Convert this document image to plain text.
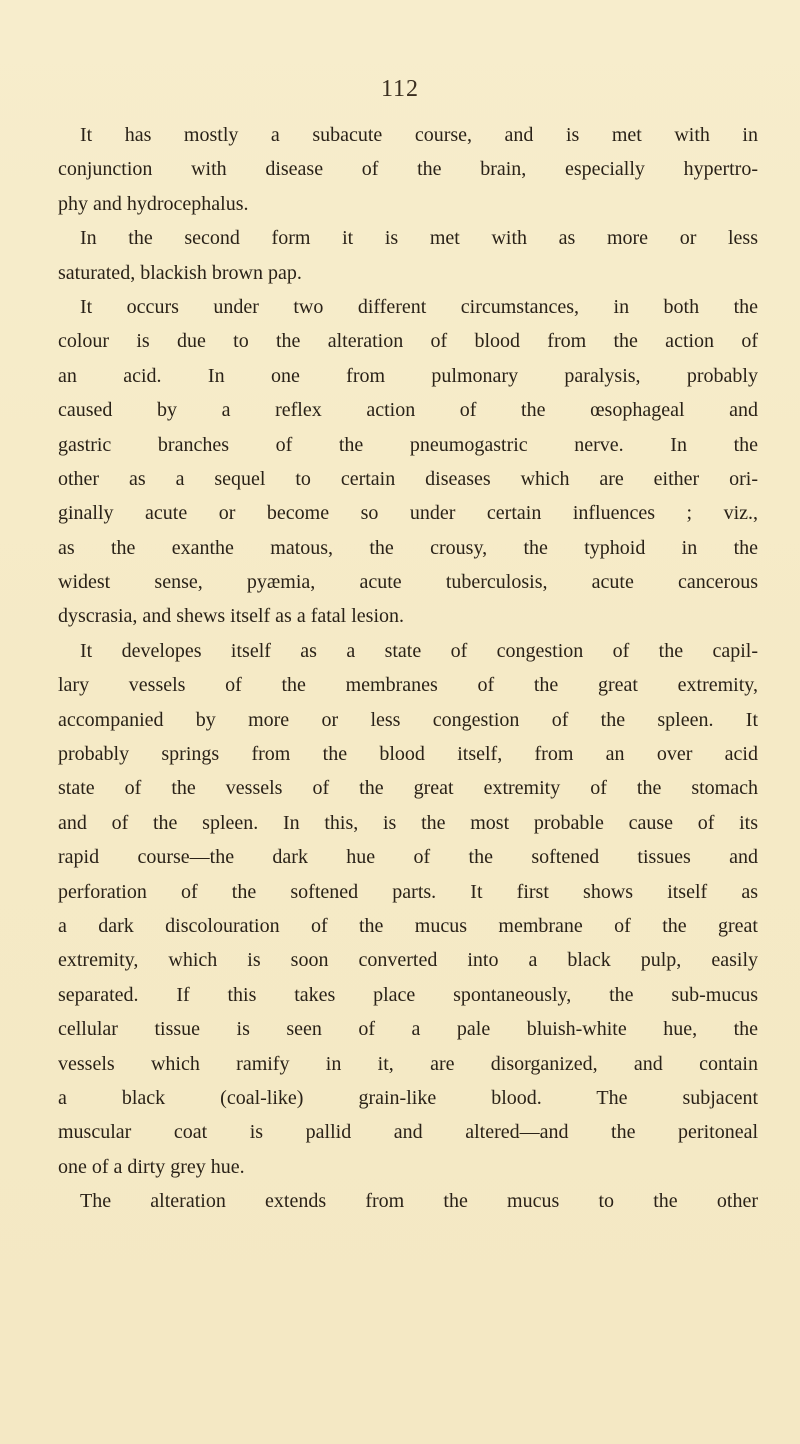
112
It has mostly a subacute course, and is met with in
conjunction with disease of the brain, especially hypertro-
phy and hydrocephalus.
In the second form it is met with as more or less
saturated, blackish brown pap.
It occurs under two different circumstances, in both the
colour is due to the alteration of blood from the action of
an acid. In one from pulmonary paralysis, probably
caused by a reflex action of the œsophageal and
gastric branches of the pneumogastric nerve. In the
other as a sequel to certain diseases which are either ori-
ginally acute or become so under certain influences ; viz.,
as the exanthe matous, the crousy, the typhoid in the
widest sense, pyæmia, acute tuberculosis, acute cancerous
dyscrasia, and shews itself as a fatal lesion.
It developes itself as a state of congestion of the capil-
lary vessels of the membranes of the great extremity,
accompanied by more or less congestion of the spleen. It
probably springs from the blood itself, from an over acid
state of the vessels of the great extremity of the stomach
and of the spleen. In this, is the most probable cause of its
rapid course—the dark hue of the softened tissues and
perforation of the softened parts. It first shows itself as
a dark discolouration of the mucus membrane of the great
extremity, which is soon converted into a black pulp, easily
separated. If this takes place spontaneously, the sub-mucus
cellular tissue is seen of a pale bluish-white hue, the
vessels which ramify in it, are disorganized, and contain
a black (coal-like) grain-like blood. The subjacent
muscular coat is pallid and altered—and the peritoneal
one of a dirty grey hue.
The alteration extends from the mucus to the other
